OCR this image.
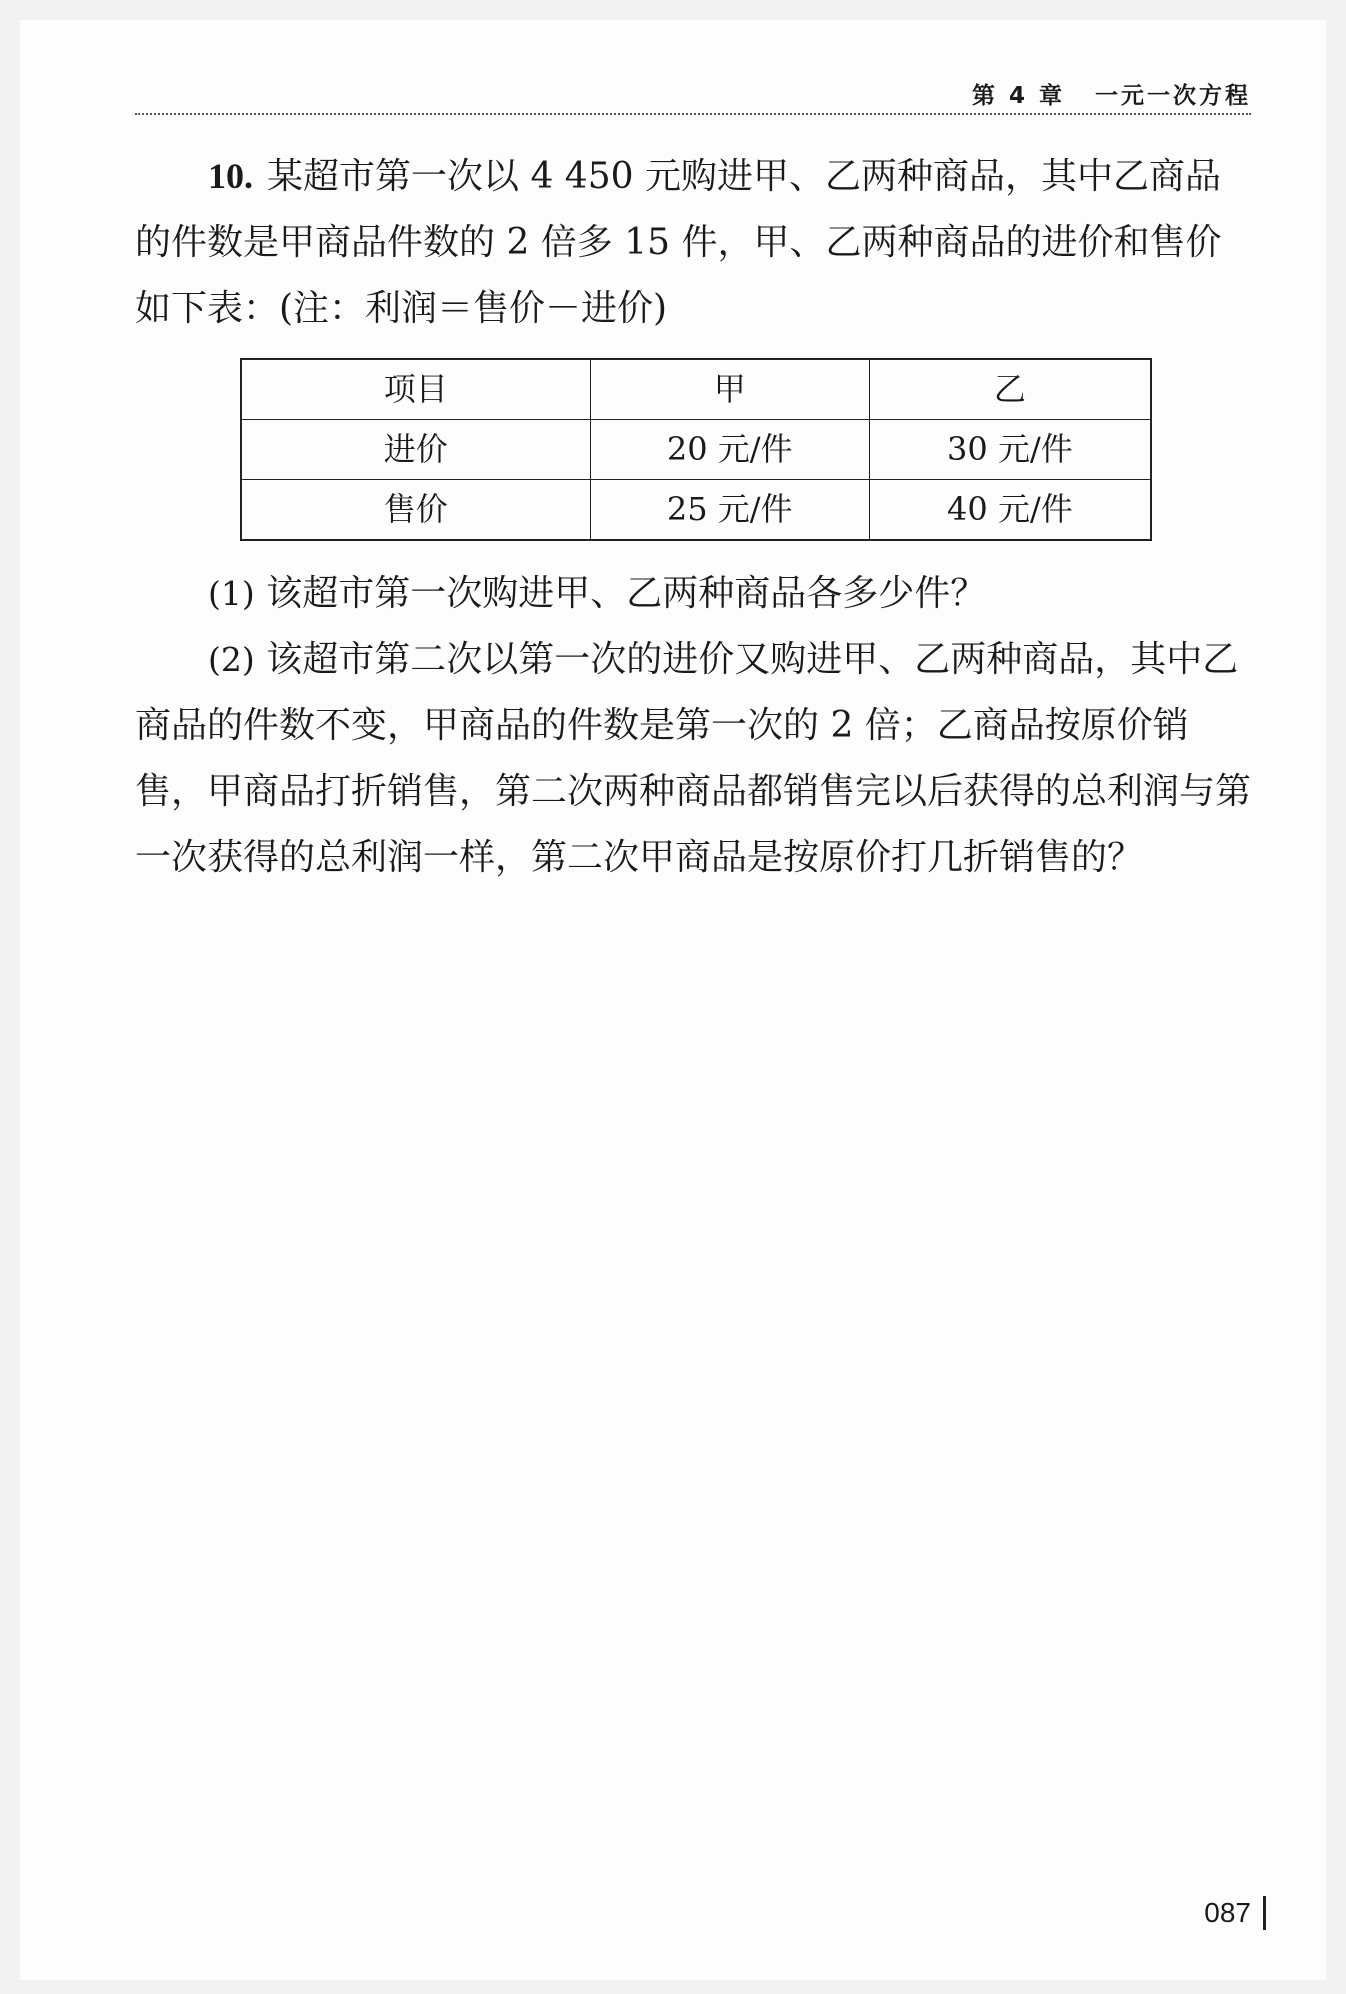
第 4 章 一元一次方程

10. 某超市第一次以 4 450 元购进甲、乙两种商品，其中乙商品的件数是甲商品件数的 2 倍多 15 件，甲、乙两种商品的进价和售价如下表：(注：利润＝售价－进价)

项目	甲	乙
进价	20 元/件	30 元/件
售价	25 元/件	40 元/件

(1) 该超市第一次购进甲、乙两种商品各多少件？

(2) 该超市第二次以第一次的进价又购进甲、乙两种商品，其中乙商品的件数不变，甲商品的件数是第一次的 2 倍；乙商品按原价销售，甲商品打折销售，第二次两种商品都销售完以后获得的总利润与第一次获得的总利润一样，第二次甲商品是按原价打几折销售的？

087
